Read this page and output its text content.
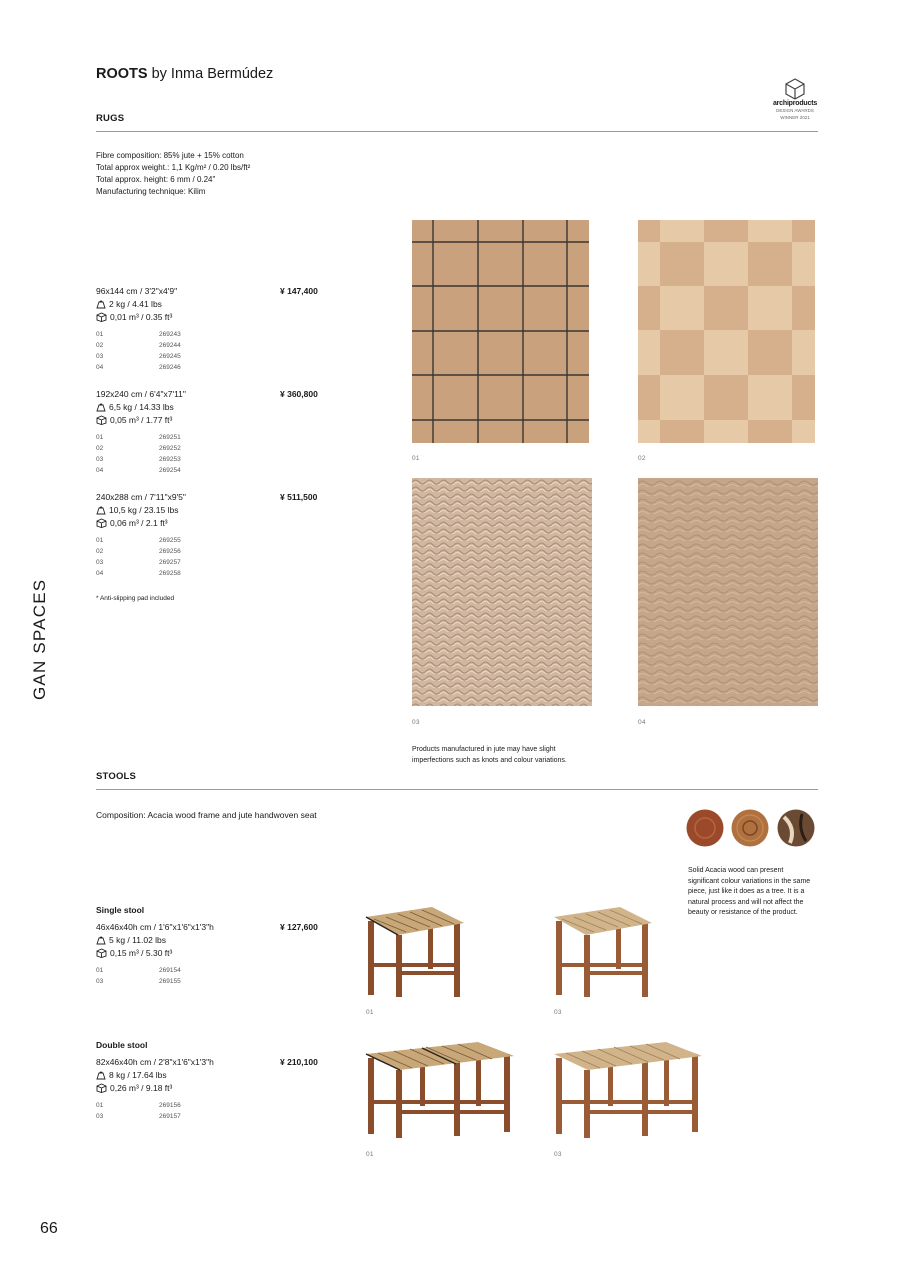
ROOTS by Inma Bermúdez
archiproducts
DESIGN AWARDS
WINNER 2021
RUGS
Fibre composition: 85% jute + 15% cotton
Total approx weight.: 1,1 Kg/m² / 0.20 lbs/ft²
Total approx. height: 6 mm / 0.24"
Manufacturing technique: Kilim
96x144 cm / 3'2"x4'9"	¥ 147,400
2 kg / 4.41 lbs
0,01 m³ / 0.35 ft³
01	269243
02	269244
03	269245
04	269246
192x240 cm / 6'4"x7'11"	¥ 360,800
6,5 kg / 14.33 lbs
0,05 m³ / 1.77 ft³
01	269251
02	269252
03	269253
04	269254
240x288 cm / 7'11"x9'5"	¥ 511,500
10,5 kg / 23.15 lbs
0,06 m³ / 2.1 ft³
01	269255
02	269256
03	269257
04	269258
* Anti-slipping pad included
01	02
03	04
Products manufactured in jute may have slight imperfections such as knots and colour variations.
GAN SPACES
STOOLS
Composition: Acacia wood frame and jute handwoven seat
Solid Acacia wood can present significant colour variations in the same piece, just like it does as a tree. It is a natural process and will not affect the beauty or resistance of the product.
Single stool
46x46x40h cm / 1'6"x1'6"x1'3"h	¥ 127,600
5 kg / 11.02 lbs
0,15 m³ / 5.30 ft³
01	269154
03	269155
01	03
Double stool
82x46x40h cm / 2'8"x1'6"x1'3"h	¥ 210,100
8 kg / 17.64 lbs
0,26 m³ / 9.18 ft³
01	269156
03	269157
01	03
66
